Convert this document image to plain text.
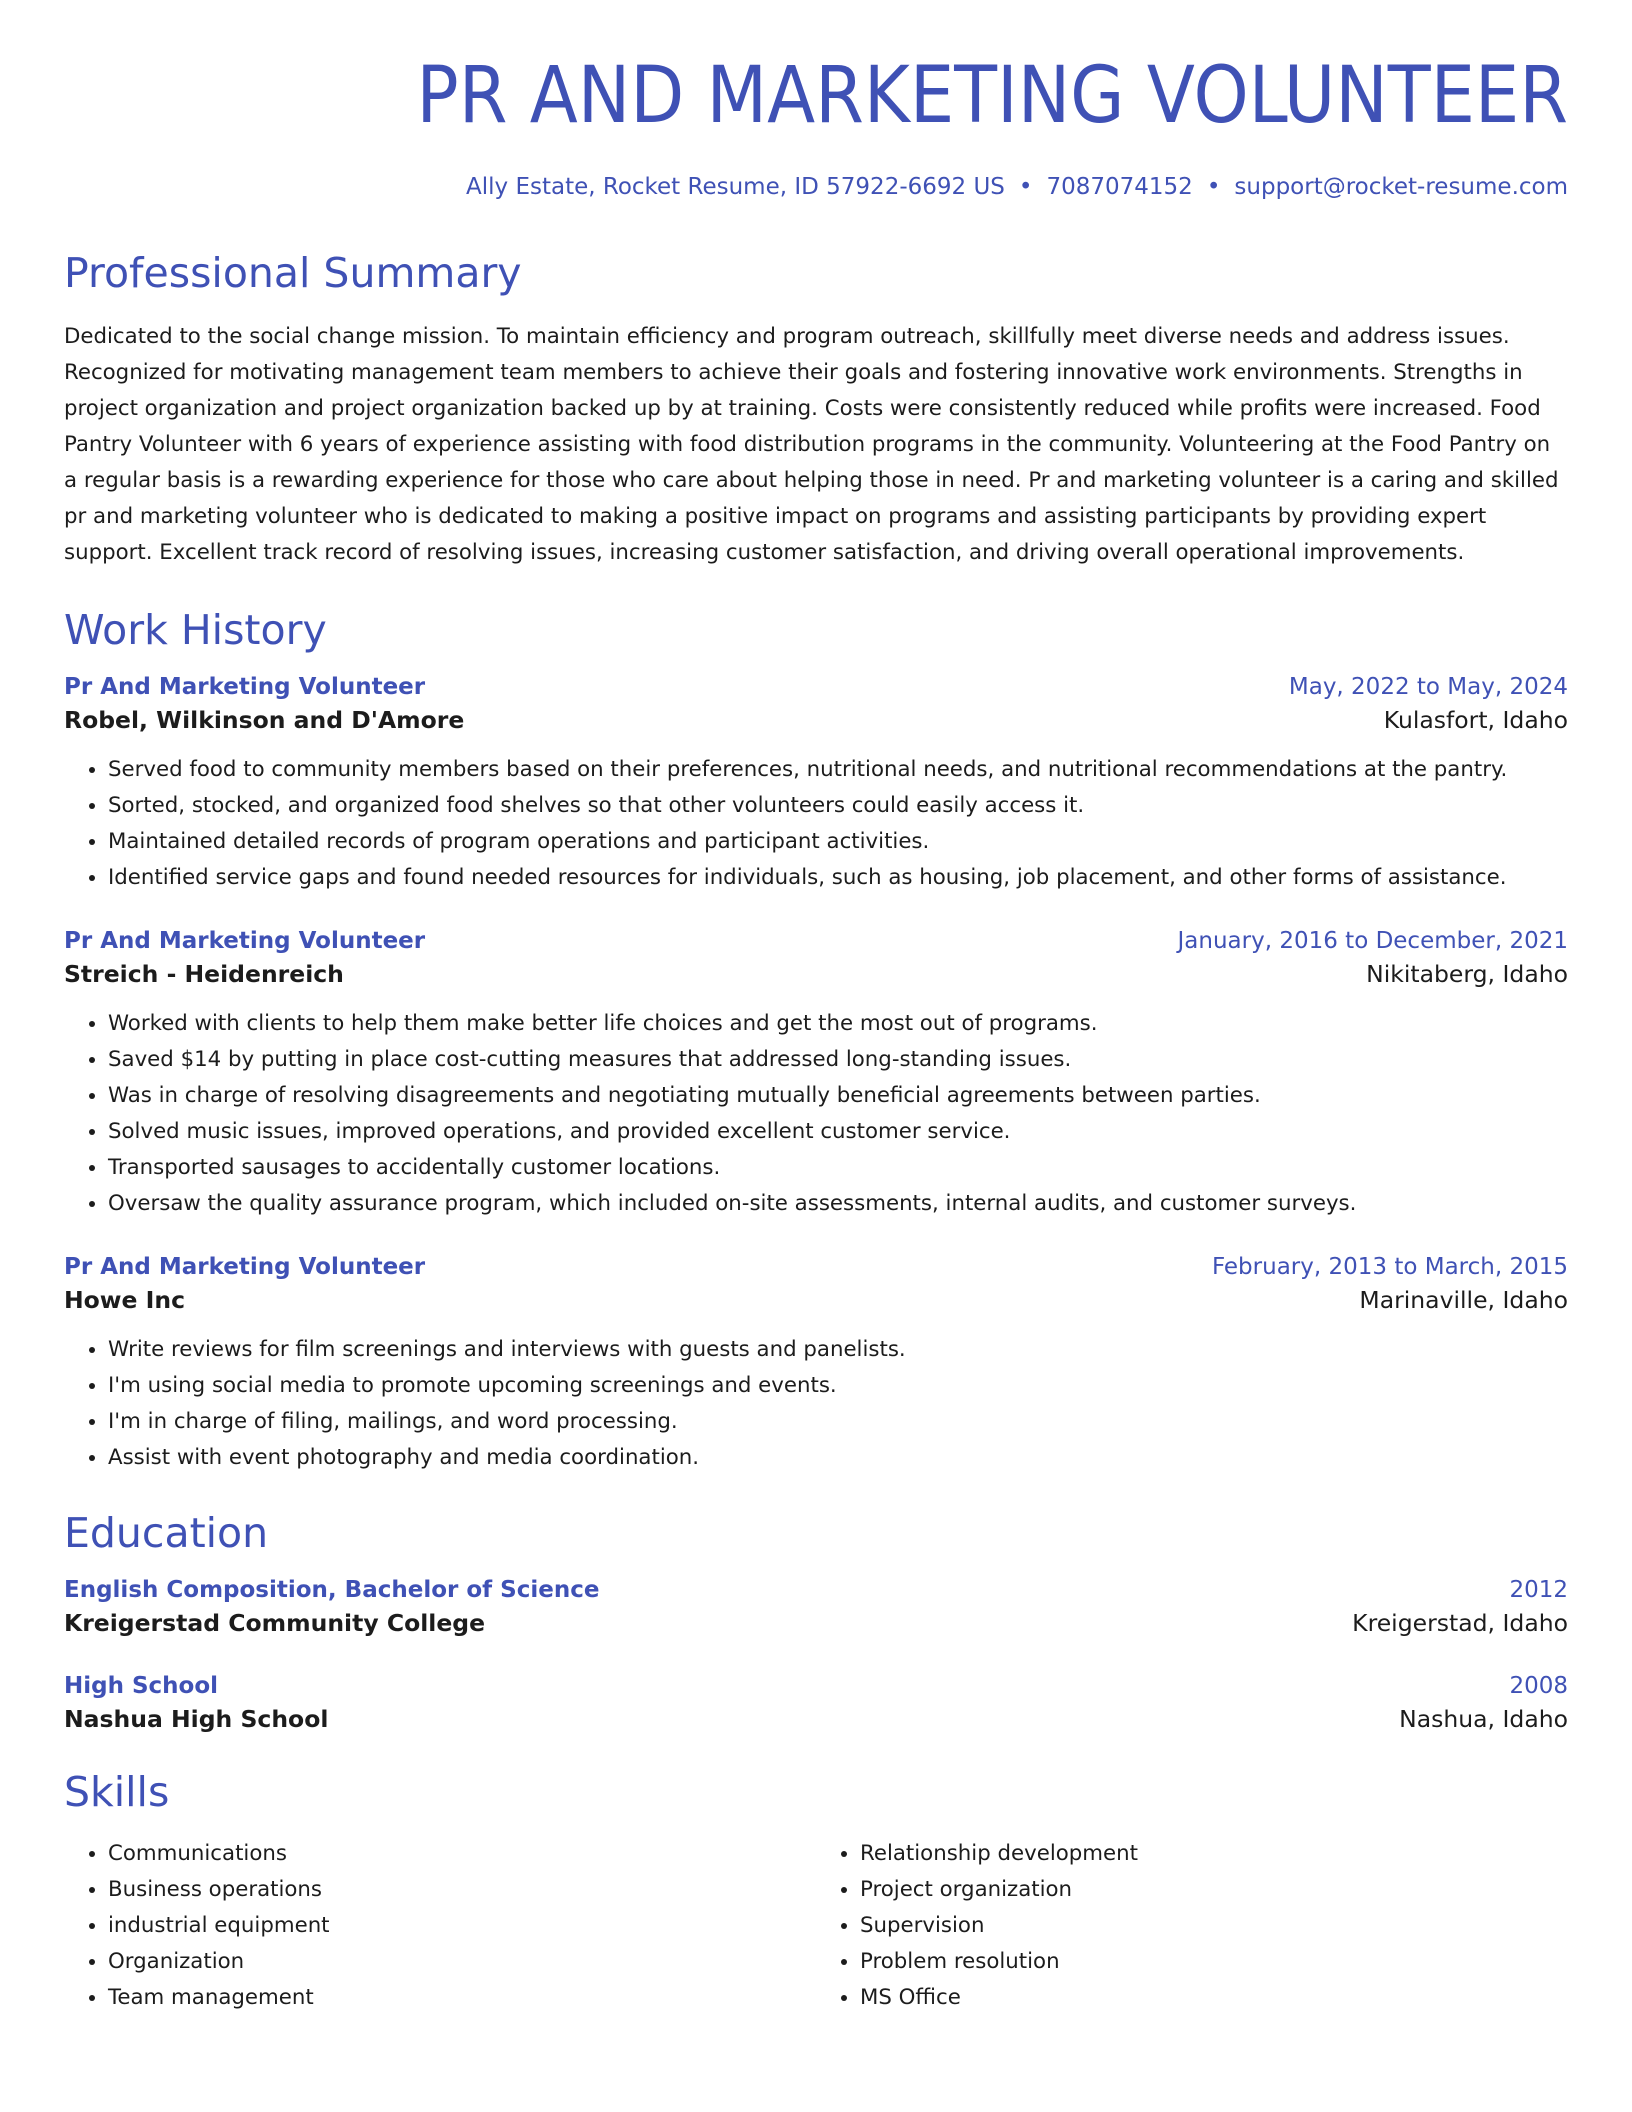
PR AND MARKETING VOLUNTEER
Ally Estate, Rocket Resume, ID 57922-6692 US • 7087074152 • support@rocket-resume.com
Professional Summary
Dedicated to the social change mission. To maintain efficiency and program outreach, skillfully meet diverse needs and address issues. Recognized for motivating management team members to achieve their goals and fostering innovative work environments. Strengths in project organization and project organization backed up by at training. Costs were consistently reduced while profits were increased. Food Pantry Volunteer with 6 years of experience assisting with food distribution programs in the community. Volunteering at the Food Pantry on a regular basis is a rewarding experience for those who care about helping those in need. Pr and marketing volunteer is a caring and skilled pr and marketing volunteer who is dedicated to making a positive impact on programs and assisting participants by providing expert support. Excellent track record of resolving issues, increasing customer satisfaction, and driving overall operational improvements.
Work History
Pr And Marketing Volunteer	May, 2022 to May, 2024
Robel, Wilkinson and D'Amore	Kulasfort, Idaho
• Served food to community members based on their preferences, nutritional needs, and nutritional recommendations at the pantry.
• Sorted, stocked, and organized food shelves so that other volunteers could easily access it.
• Maintained detailed records of program operations and participant activities.
• Identified service gaps and found needed resources for individuals, such as housing, job placement, and other forms of assistance.
Pr And Marketing Volunteer	January, 2016 to December, 2021
Streich - Heidenreich	Nikitaberg, Idaho
• Worked with clients to help them make better life choices and get the most out of programs.
• Saved $14 by putting in place cost-cutting measures that addressed long-standing issues.
• Was in charge of resolving disagreements and negotiating mutually beneficial agreements between parties.
• Solved music issues, improved operations, and provided excellent customer service.
• Transported sausages to accidentally customer locations.
• Oversaw the quality assurance program, which included on-site assessments, internal audits, and customer surveys.
Pr And Marketing Volunteer	February, 2013 to March, 2015
Howe Inc	Marinaville, Idaho
• Write reviews for film screenings and interviews with guests and panelists.
• I'm using social media to promote upcoming screenings and events.
• I'm in charge of filing, mailings, and word processing.
• Assist with event photography and media coordination.
Education
English Composition, Bachelor of Science	2012
Kreigerstad Community College	Kreigerstad, Idaho
High School	2008
Nashua High School	Nashua, Idaho
Skills
• Communications
• Business operations
• industrial equipment
• Organization
• Team management
• Relationship development
• Project organization
• Supervision
• Problem resolution
• MS Office
